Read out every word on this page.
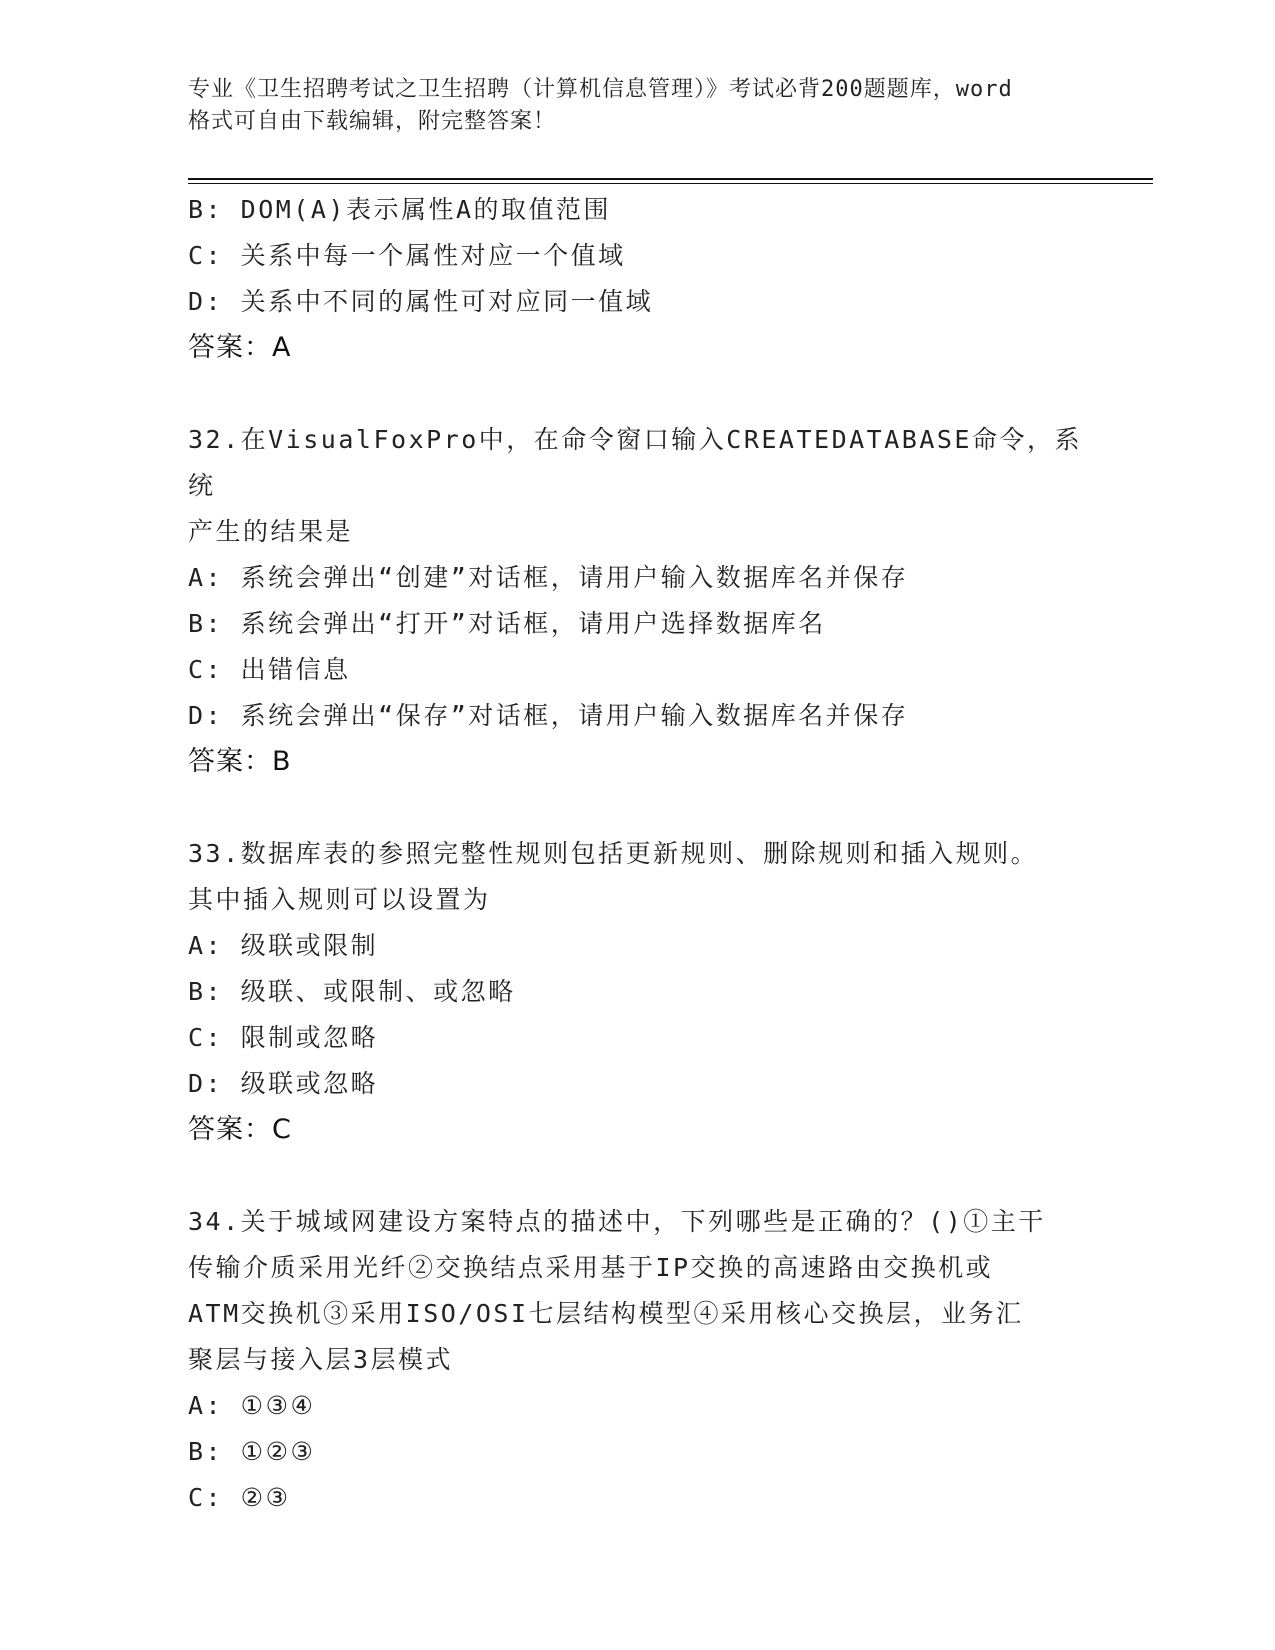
专业《卫生招聘考试之卫生招聘（计算机信息管理）》考试必背200题题库，word
格式可自由下载编辑，附完整答案！
B: DOM(A)表示属性A的取值范围
C: 关系中每一个属性对应一个值域
D: 关系中不同的属性可对应同一值域
答案：A
32.在VisualFoxPro中，在命令窗口输入CREATEDATABASE命令，系统
产生的结果是
A: 系统会弹出“创建”对话框，请用户输入数据库名并保存
B: 系统会弹出“打开”对话框，请用户选择数据库名
C: 出错信息
D: 系统会弹出“保存”对话框，请用户输入数据库名并保存
答案：B
33.数据库表的参照完整性规则包括更新规则、删除规则和插入规则。
其中插入规则可以设置为
A: 级联或限制
B: 级联、或限制、或忽略
C: 限制或忽略
D: 级联或忽略
答案：C
34.关于城域网建设方案特点的描述中，下列哪些是正确的？()①主干
传输介质采用光纤②交换结点采用基于IP交换的高速路由交换机或
ATM交换机③采用ISO/OSI七层结构模型④采用核心交换层，业务汇
聚层与接入层3层模式
A: ①③④
B: ①②③
C: ②③
